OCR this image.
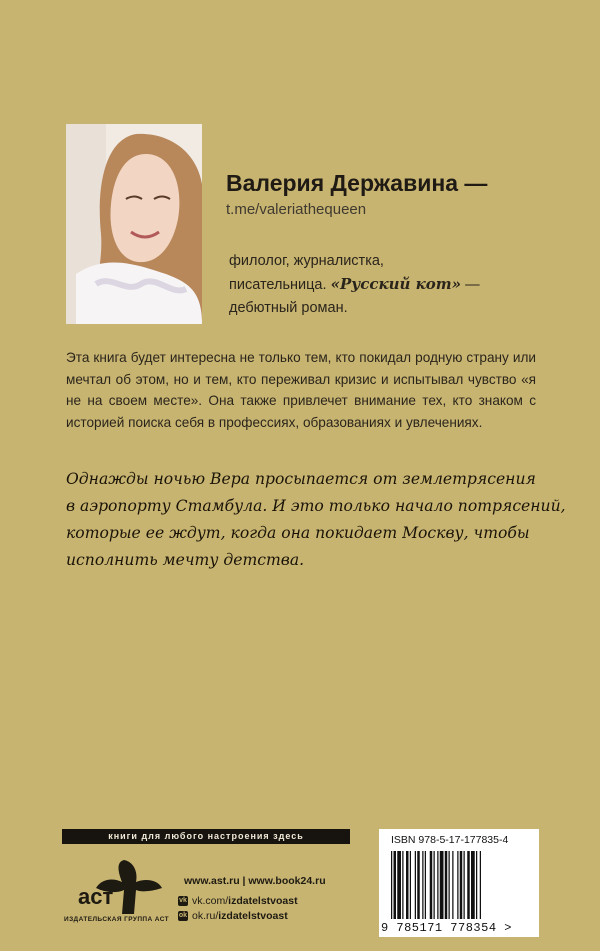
Валерия Державина —
t.me/valeriathequeen
филолог, журналистка,
писательница. «Русский кот» —
дебютный роман.
Эта книга будет интересна не только тем, кто покидал родную страну или мечтал об этом, но и тем, кто переживал кризис и испытывал чувство «я не на своем месте». Она также привлечет внимание тех, кто знаком с историей поиска себя в профессиях, образованиях и увлечениях.
Однажды ночью Вера просыпается от землетрясения
в аэропорту Стамбула. И это только начало потрясений,
которые ее ждут, когда она покидает Москву, чтобы
исполнить мечту детства.
книги для любого настроения здесь
аст
ИЗДАТЕЛЬСКАЯ ГРУППА АСТ
www.ast.ru | www.book24.ru
vk vk.com/ izdatelstvoast
ok ok.ru/ izdatelstvoast
ISBN 978-5-17-177835-4
9 785171 778354 >
